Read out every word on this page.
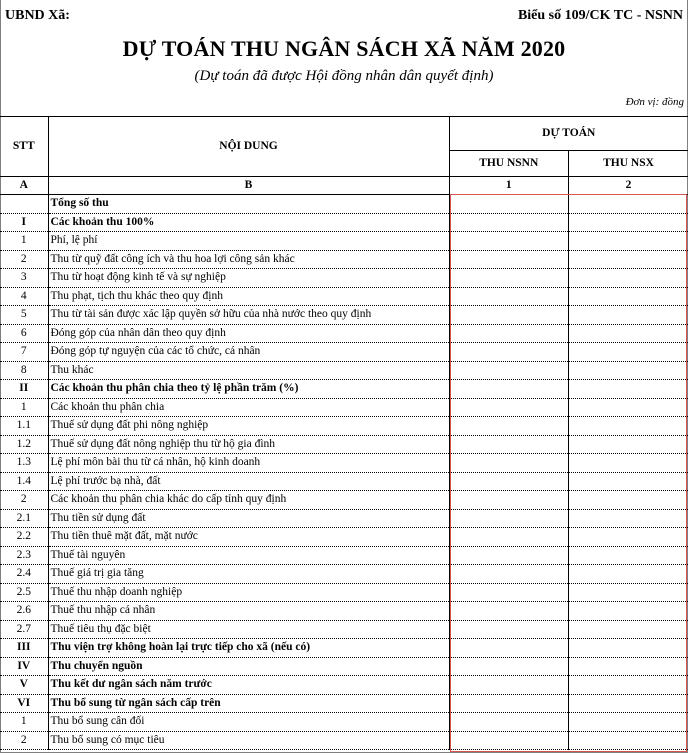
UBND Xã:	Biểu số 109/CK TC - NSNN
DỰ TOÁN THU NGÂN SÁCH XÃ NĂM 2020
(Dự toán đã được Hội đồng nhân dân quyết định)
Đơn vị: đồng
STT	NỘI DUNG	DỰ TOÁN	
		THU NSNN	THU NSX
A	B	1	2
	Tổng số thu		
I	Các khoản thu 100%		
1	Phí, lệ phí		
2	Thu từ quỹ đất công ích và thu hoa lợi công sản khác		
3	Thu từ hoạt động kinh tế và sự nghiệp		
4	Thu phạt, tịch thu khác theo quy định		
5	Thu từ tài sản được xác lập quyền sở hữu của nhà nước theo quy định		
6	Đóng góp của nhân dân theo quy định		
7	Đóng góp tự nguyện của các tổ chức, cá nhân		
8	Thu khác		
II	Các khoản thu phân chia theo tỷ lệ phần trăm (%)		
1	Các khoản thu phân chia		
1.1	Thuế sử dụng đất phi nông nghiệp		
1.2	Thuế sử dụng đất nông nghiệp thu từ hộ gia đình		
1.3	Lệ phí môn bài thu từ cá nhân, hộ kinh doanh		
1.4	Lệ phí trước bạ nhà, đất		
2	Các khoản thu phân chia khác do cấp tỉnh quy định		
2.1	Thu tiền sử dụng đất		
2.2	Thu tiền thuê mặt đất, mặt nước		
2.3	Thuế tài nguyên		
2.4	Thuế giá trị gia tăng		
2.5	Thuế thu nhập doanh nghiệp		
2.6	Thuế thu nhập cá nhân		
2.7	Thuế tiêu thụ đặc biệt		
III	Thu viện trợ không hoàn lại trực tiếp cho xã (nếu có)		
IV	Thu chuyển nguồn		
V	Thu kết dư ngân sách năm trước		
VI	Thu bổ sung từ ngân sách cấp trên		
1	Thu bổ sung cân đối		
2	Thu bổ sung có mục tiêu		
